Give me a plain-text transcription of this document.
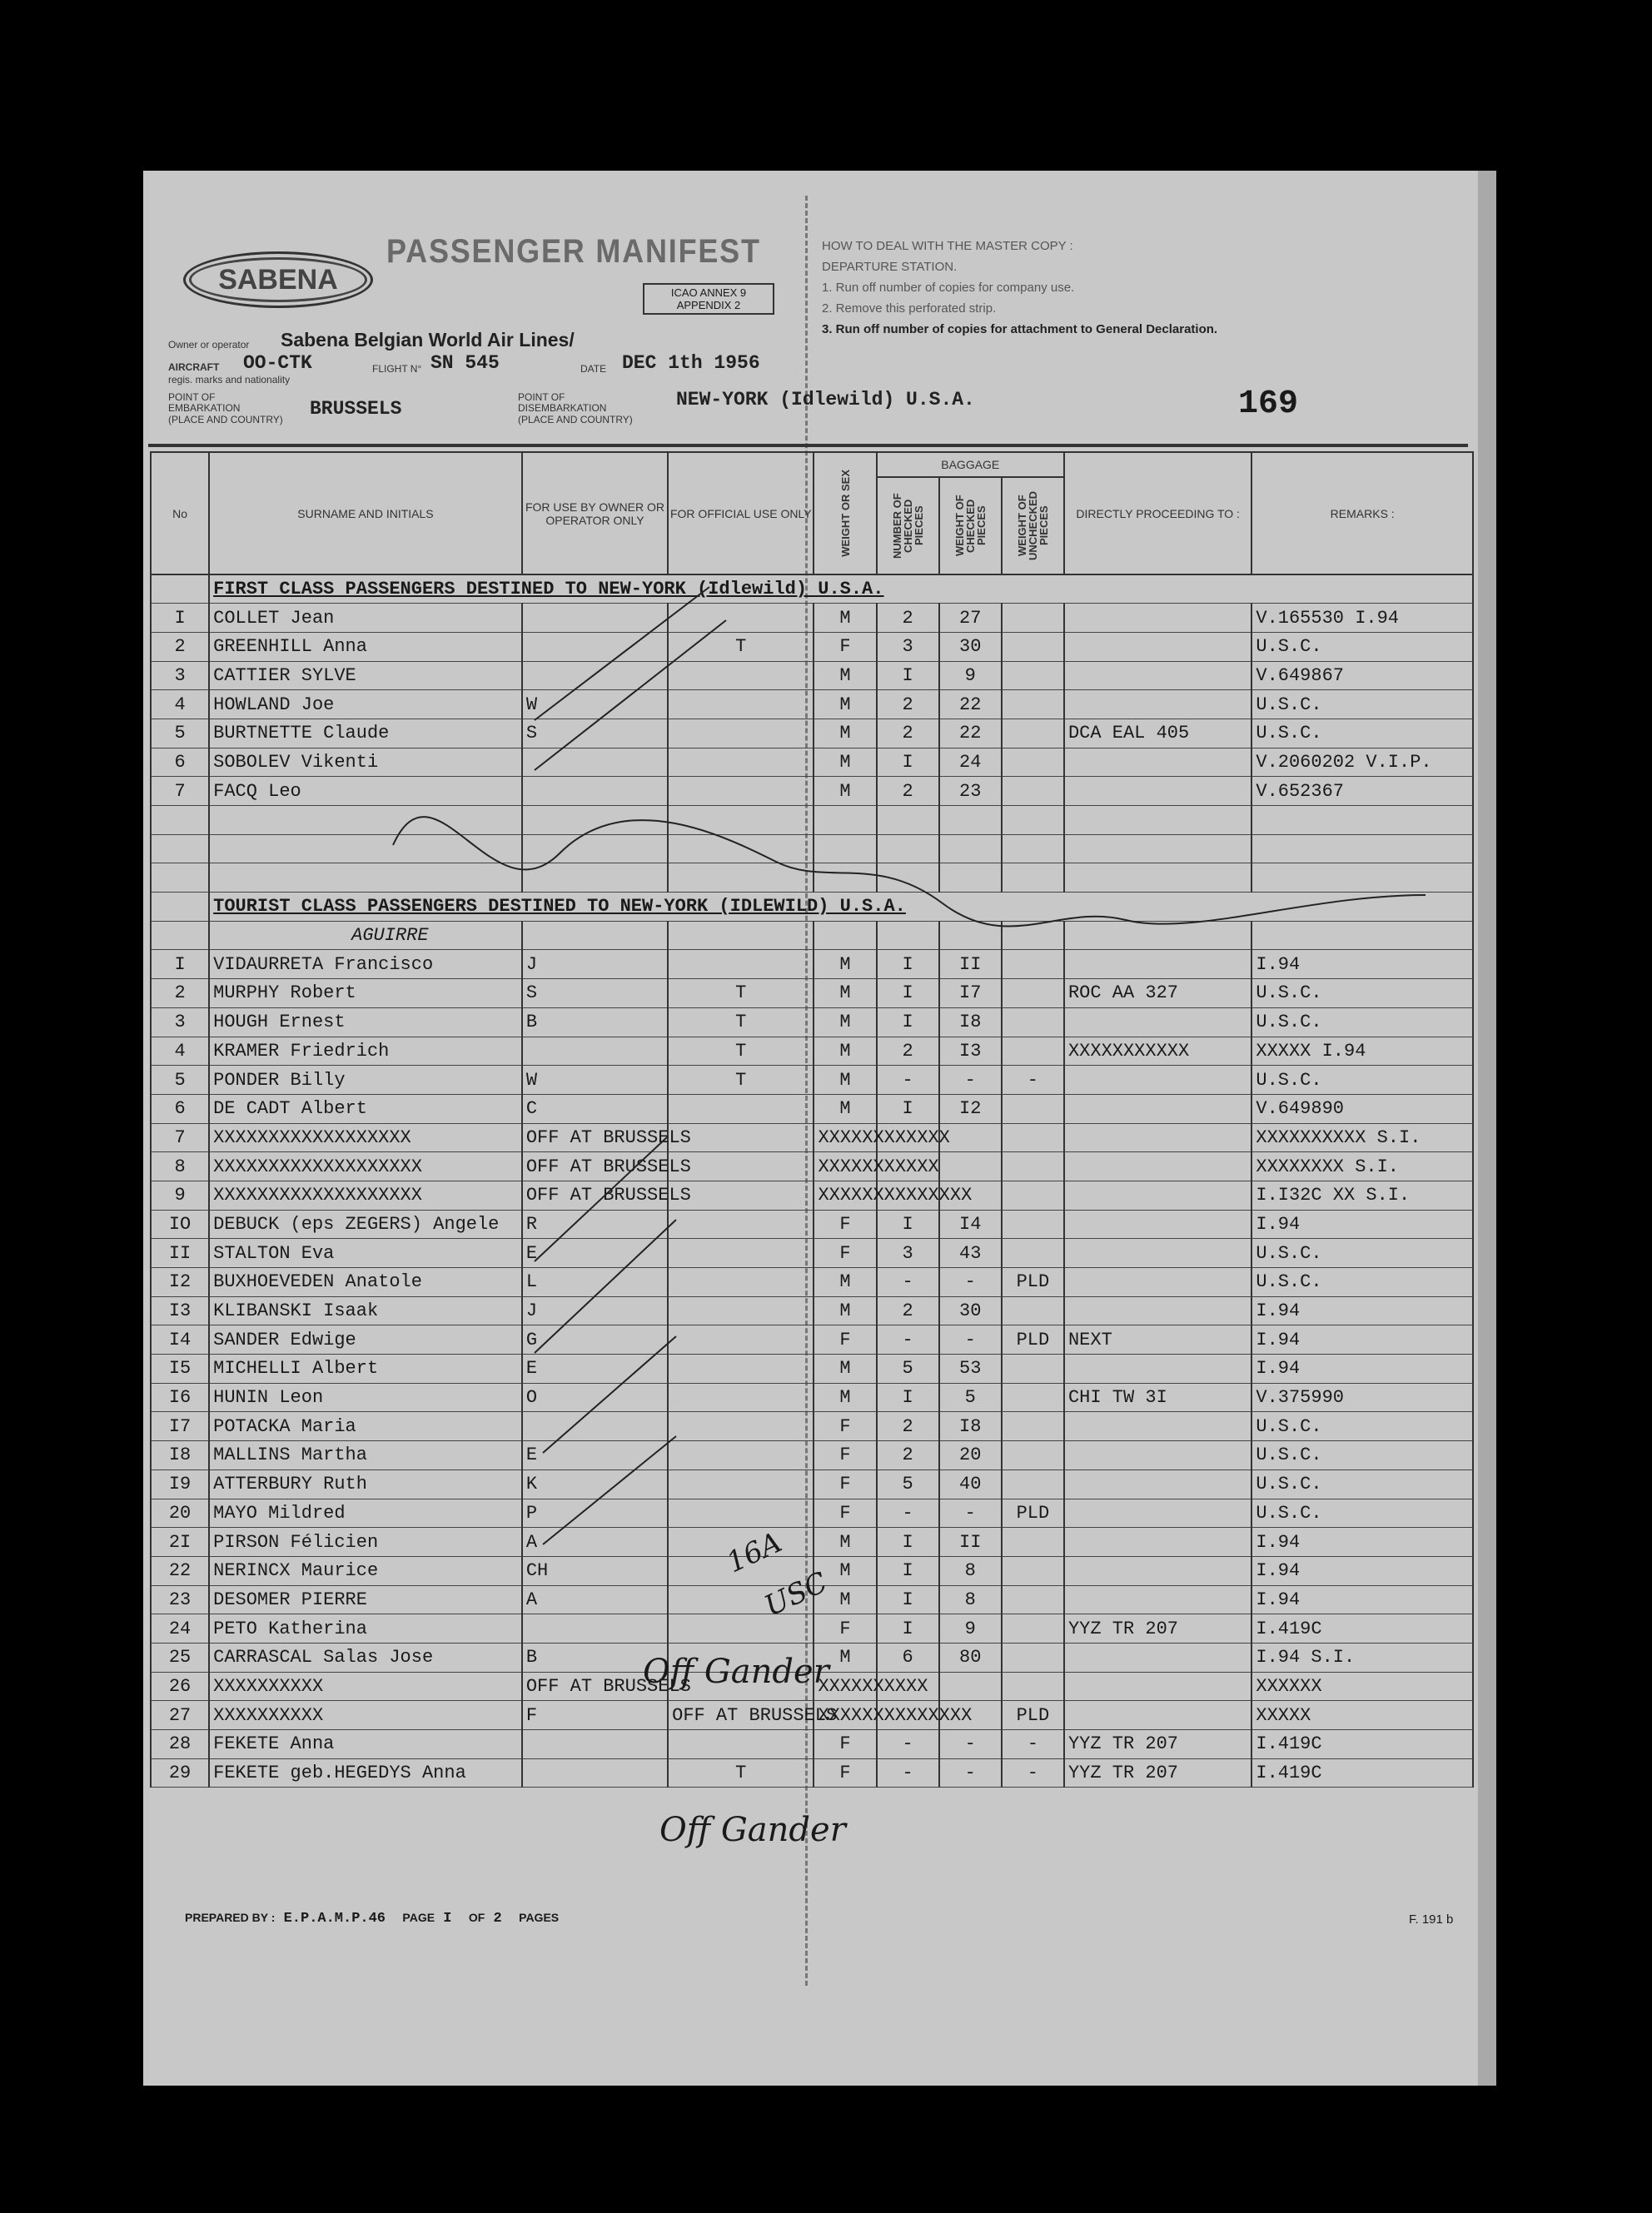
SABENA
PASSENGER MANIFEST
ICAO ANNEX 9
APPENDIX 2
HOW TO DEAL WITH THE MASTER COPY :
DEPARTURE STATION.
1. Run off number of copies for company use.
2. Remove this perforated strip.
3. Run off number of copies for attachment to General Declaration.
Owner or operator Sabena Belgian World Air Lines/
AIRCRAFT
regis. marks and nationality
OO-CTK	FLIGHT N° SN 545	DATE DEC 1th 1956
POINT OF EMBARKATION
(PLACE AND COUNTRY) BRUSSELS
POINT OF DISEMBARKATION
(PLACE AND COUNTRY)
NEW-YORK (Idlewild) U.S.A.	169
No	SURNAME AND INITIALS	FOR USE BY OWNER OR OPERATOR ONLY	FOR OFFICIAL USE ONLY	WEIGHT OR SEX	BAGGAGE			DIRECTLY PROCEEDING TO :	REMARKS :

					NUMBER OF CHECKED PIECES	WEIGHT OF CHECKED PIECES	WEIGHT OF UNCHECKED PIECES		

	FIRST CLASS PASSENGERS DESTINED TO NEW-YORK (Idlewild) U.S.A.								
I	COLLET Jean			M	2	27			V.165530 I.94
2	GREENHILL Anna		T	F	3	30			U.S.C.
3	CATTIER SYLVE			M	I	9			V.649867
4	HOWLAND Joe	W		M	2	22			U.S.C.
5	BURTNETTE Claude	S		M	2	22		DCA EAL 405	U.S.C.
6	SOBOLEV Vikenti			M	I	24			V.2060202 V.I.P.
7	FACQ Leo			M	2	23			V.652367

	TOURIST CLASS PASSENGERS DESTINED TO NEW-YORK (IDLEWILD) U.S.A.								
	AGUIRRE								
I	VIDAURRETA Francisco	J		M	I	II			I.94
2	MURPHY Robert	S	T	M	I	I7		ROC AA 327	U.S.C.
3	HOUGH Ernest	B	T	M	I	I8			U.S.C.
4	KRAMER Friedrich		T	M	2	I3		XXXXXXXXXXX	XXXXX I.94
5	PONDER Billy	W	T	M	-	-	-		U.S.C.
6	DE CADT Albert	C		M	I	I2			V.649890
7	XXXXXXXXXXXXXXXXXX	OFF AT BRUSSELS		XXXXXXXXXXXX					XXXXXXXXXX S.I.
8	XXXXXXXXXXXXXXXXXXX	OFF AT BRUSSELS		XXXXXXXXXXX					XXXXXXXX S.I.
9	XXXXXXXXXXXXXXXXXXX	OFF AT BRUSSELS		XXXXXXXXXXXXXX					I.I32C XX S.I.
IO	DEBUCK (eps ZEGERS) Angele	R		F	I	I4			I.94
II	STALTON Eva	E		F	3	43			U.S.C.
I2	BUXHOEVEDEN Anatole	L		M	-	-	PLD		U.S.C.
I3	KLIBANSKI Isaak	J		M	2	30			I.94
I4	SANDER Edwige	G		F	-	-	PLD	NEXT	I.94
I5	MICHELLI Albert	E		M	5	53			I.94
I6	HUNIN Leon	O		M	I	5		CHI TW 3I	V.375990
I7	POTACKA Maria			F	2	I8			U.S.C.
I8	MALLINS Martha	E		F	2	20			U.S.C.
I9	ATTERBURY Ruth	K		F	5	40			U.S.C.
20	MAYO Mildred	P		F	-	-	PLD		U.S.C.
2I	PIRSON Félicien	A		M	I	II			I.94
22	NERINCX Maurice	CH		M	I	8			I.94
23	DESOMER PIERRE	A		M	I	8			I.94
24	PETO Katherina			F	I	9		YYZ TR 207	I.419C
25	CARRASCAL Salas Jose	B		M	6	80			I.94 S.I.
26	XXXXXXXXXX	OFF AT BRUSSELS		XXXXXXXXXX					XXXXXX
27	XXXXXXXXXX	F	OFF AT BRUSSELS	XXXXXXXXXXXXXX			PLD		XXXXX
28	FEKETE Anna			F	-	-	-	YYZ TR 207	I.419C
29	FEKETE geb.HEGEDYS Anna		T	F	-	-	-	YYZ TR 207	I.419C
Off Gander
Off Gander
16A
USC
PREPARED BY : E.P.A.M.P.46 PAGE I OF 2 PAGES	F. 191 b
